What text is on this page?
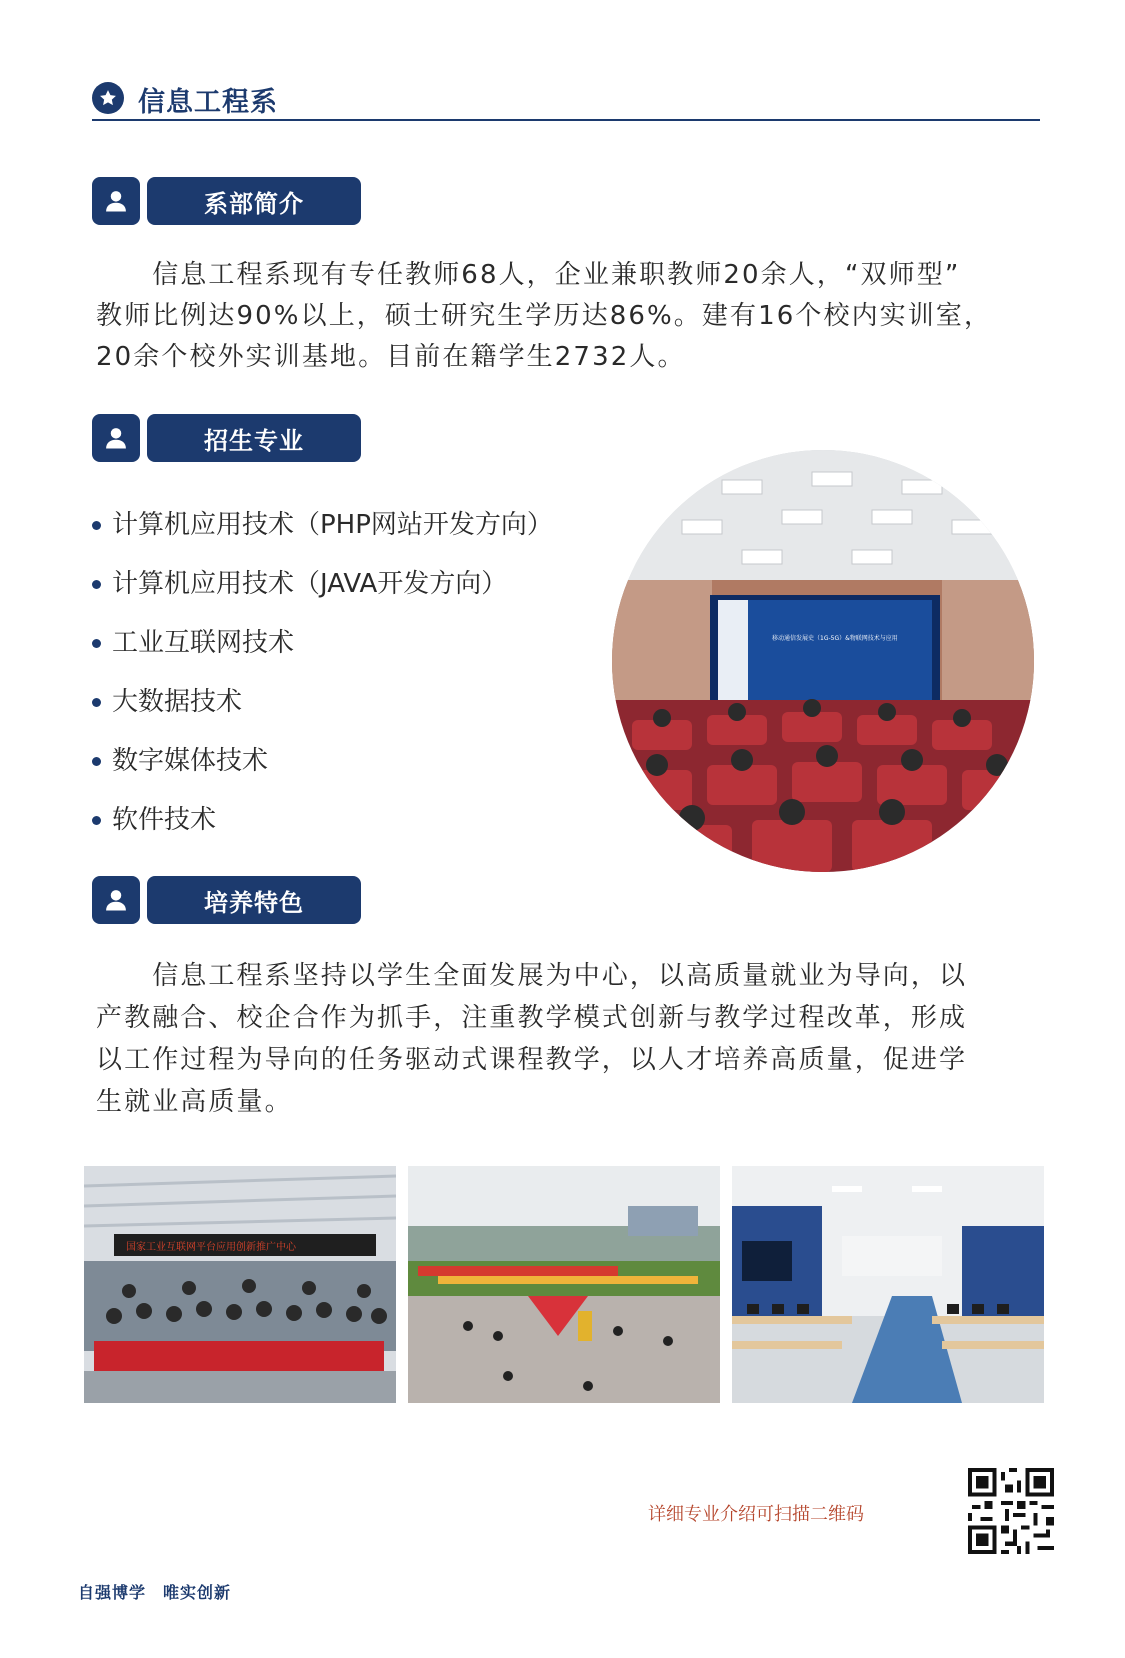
信息工程系
系部简介
　　信息工程系现有专任教师68人，企业兼职教师20余人，“双师型”
教师比例达90%以上，硕士研究生学历达86%。建有16个校内实训室，
20余个校外实训基地。目前在籍学生2732人。
招生专业
计算机应用技术（PHP网站开发方向）
计算机应用技术（JAVA开发方向）
工业互联网技术
大数据技术
数字媒体技术
软件技术
移动通信发展史（1G-5G）&物联网技术与应用
培养特色
　　信息工程系坚持以学生全面发展为中心，以高质量就业为导向，以
产教融合、校企合作为抓手，注重教学模式创新与教学过程改革，形成
以工作过程为导向的任务驱动式课程教学，以人才培养高质量，促进学
生就业高质量。
国家工业互联网平台应用创新推广中心
详细专业介绍可扫描二维码
自强博学　唯实创新
